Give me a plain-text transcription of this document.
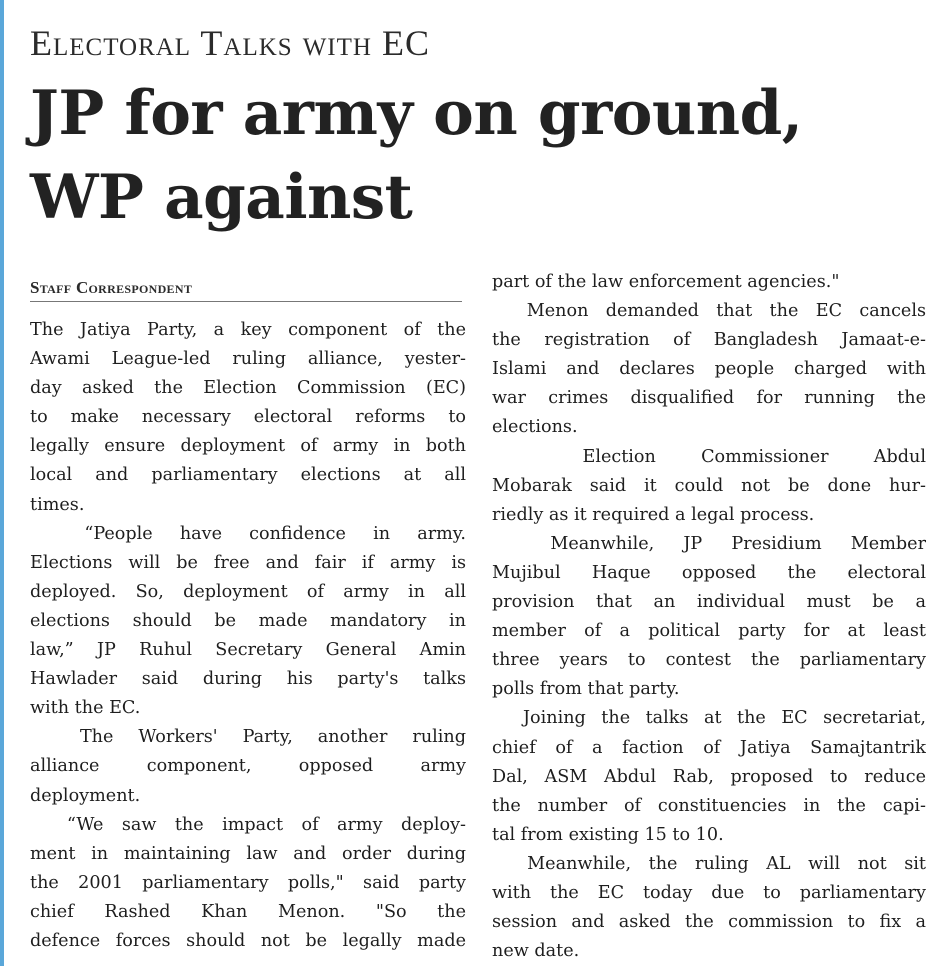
Electoral Talks with EC
JP for army on ground,
WP against
Staff Correspondent
The Jatiya Party, a key component of the
Awami League-led ruling alliance, yester-
day asked the Election Commission (EC)
to make necessary electoral reforms to
legally ensure deployment of army in both
local and parliamentary elections at all
times.
“People have confidence in army.
Elections will be free and fair if army is
deployed. So, deployment of army in all
elections should be made mandatory in
law,” JP Ruhul Secretary General Amin
Hawlader said during his party's talks
with the EC.
The Workers' Party, another ruling
alliance component, opposed army
deployment.
“We saw the impact of army deploy-
ment in maintaining law and order during
the 2001 parliamentary polls," said party
chief Rashed Khan Menon. "So the
defence forces should not be legally made
part of the law enforcement agencies."
Menon demanded that the EC cancels
the registration of Bangladesh Jamaat-e-
Islami and declares people charged with
war crimes disqualified for running the
elections.
Election Commissioner Abdul
Mobarak said it could not be done hur-
riedly as it required a legal process.
Meanwhile, JP Presidium Member
Mujibul Haque opposed the electoral
provision that an individual must be a
member of a political party for at least
three years to contest the parliamentary
polls from that party.
Joining the talks at the EC secretariat,
chief of a faction of Jatiya Samajtantrik
Dal, ASM Abdul Rab, proposed to reduce
the number of constituencies in the capi-
tal from existing 15 to 10.
Meanwhile, the ruling AL will not sit
with the EC today due to parliamentary
session and asked the commission to fix a
new date.
